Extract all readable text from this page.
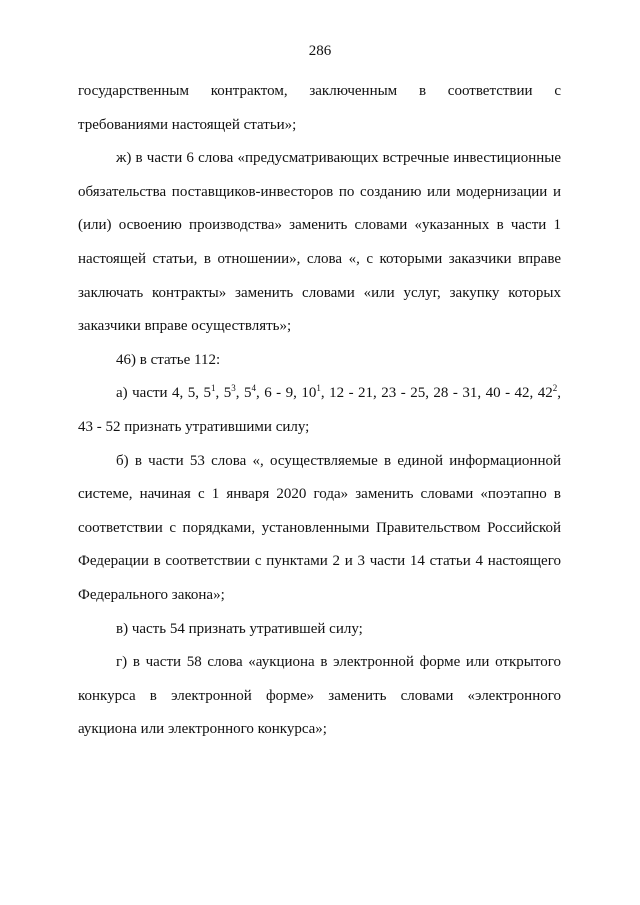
286

государственным контрактом, заключенным в соответствии с требованиями настоящей статьи»;

ж) в части 6 слова «предусматривающих встречные инвестиционные обязательства поставщиков-инвесторов по созданию или модернизации и (или) освоению производства» заменить словами «указанных в части 1 настоящей статьи, в отношении», слова «, с которыми заказчики вправе заключать контракты» заменить словами «или услуг, закупку которых заказчики вправе осуществлять»;

46) в статье 112:

а) части 4, 5, $5^1$, $5^3$, $5^4$, 6 - 9, $10^1$, 12 - 21, 23 - 25, 28 - 31, 40 - 42, $42^2$, 43 - 52 признать утратившими силу;

б) в части 53 слова «, осуществляемые в единой информационной системе, начиная с 1 января 2020 года» заменить словами «поэтапно в соответствии с порядками, установленными Правительством Российской Федерации в соответствии с пунктами 2 и 3 части 14 статьи 4 настоящего Федерального закона»;

в) часть 54 признать утратившей силу;

г) в части 58 слова «аукциона в электронной форме или открытого конкурса в электронной форме» заменить словами «электронного аукциона или электронного конкурса»;
